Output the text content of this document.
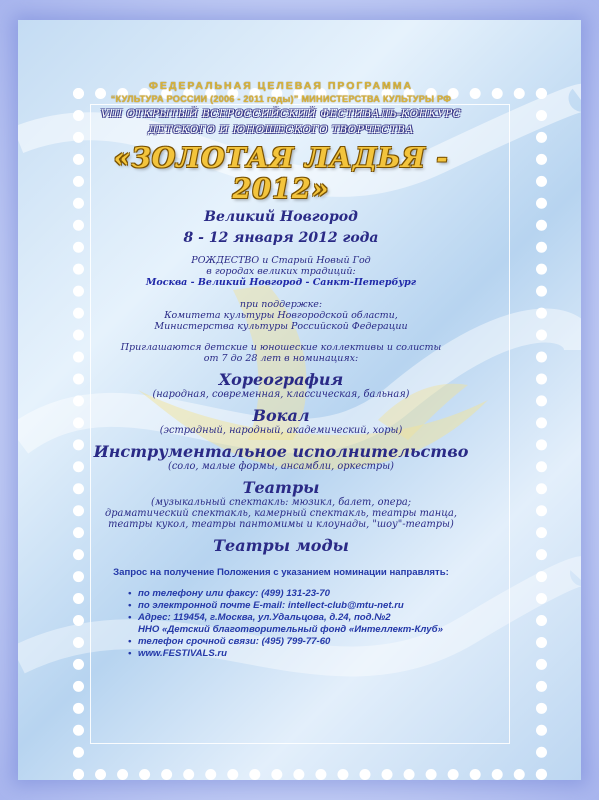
ФЕДЕРАЛЬНАЯ ЦЕЛЕВАЯ ПРОГРАММА
“КУЛЬТУРА РОССИИ (2006 - 2011 годы)” МИНИСТЕРСТВА КУЛЬТУРЫ РФ
VIII ОТКРЫТЫЙ ВСЕРОССИЙСКИЙ ФЕСТИВАЛЬ-КОНКУРС
ДЕТСКОГО И ЮНОШЕСКОГО ТВОРЧЕСТВА
«ЗОЛОТАЯ ЛАДЬЯ - 2012»
Великий Новгород
8 - 12 января 2012 года
РОЖДЕСТВО и Старый Новый Год
в городах великих традиций:
Москва - Великий Новгород - Санкт-Петербург
при поддержке:
Комитета культуры Новгородской области,
Министерства культуры Российской Федерации
Приглашаются детские и юношеские коллективы и солисты
от 7 до 28 лет в номинациях:
Хореография
(народная, современная, классическая, бальная)
Вокал
(эстрадный, народный, академический, хоры)
Инструментальное исполнительство
(соло, малые формы, ансамбли, оркестры)
Театры
(музыкальный спектакль: мюзикл, балет, опера;
драматический спектакль, камерный спектакль, театры танца,
театры кукол, театры пантомимы и клоунады, "шоу"-театры)
Театры моды
Запрос на получение Положения с указанием номинации направлять:
• по телефону или факсу: (499) 131-23-70
• по электронной почте E-mail: intellect-club@mtu-net.ru
• Адрес: 119454, г.Москва, ул.Удальцова, д.24, под.№2
ННО «Детский благотворительный фонд «Интеллект-Клуб»
• телефон срочной связи: (495) 799-77-60
• www.FESTIVALS.ru
